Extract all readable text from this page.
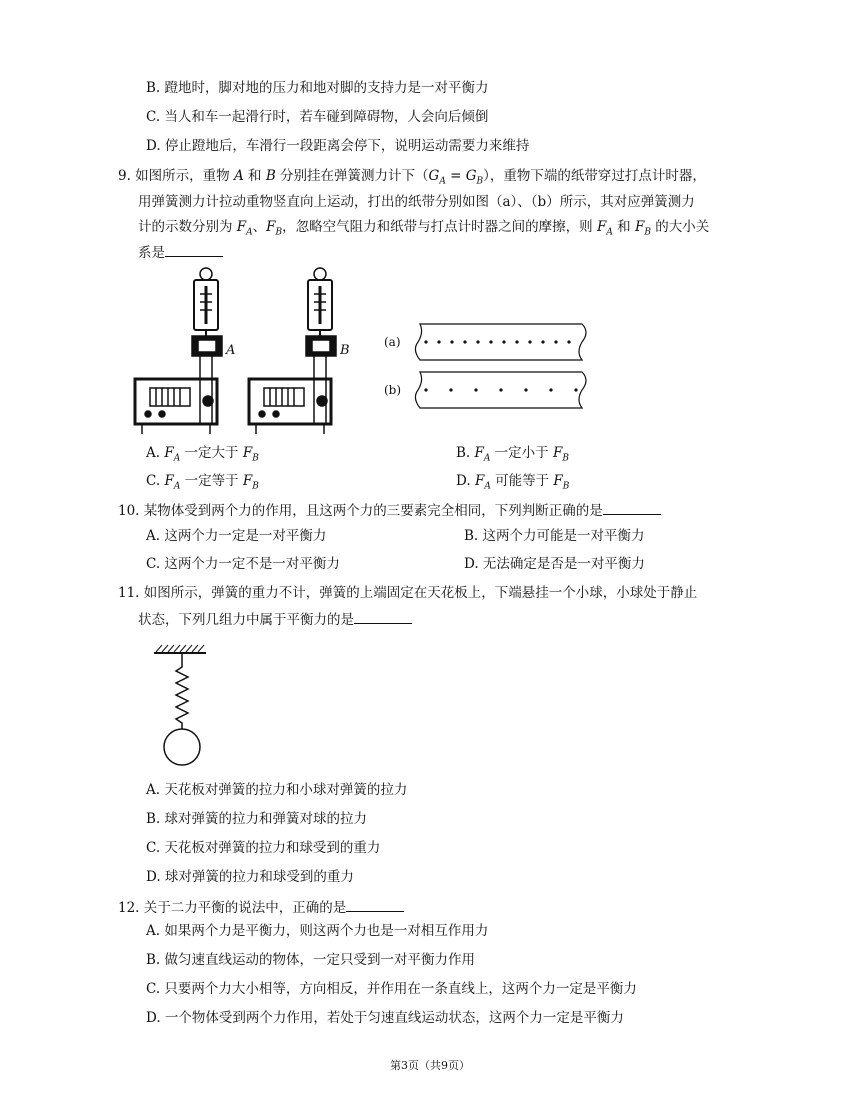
B. 蹬地时，脚对地的压力和地对脚的支持力是一对平衡力
C. 当人和车一起滑行时，若车碰到障碍物，人会向后倾倒
D. 停止蹬地后，车滑行一段距离会停下，说明运动需要力来维持
9. 如图所示，重物 A 和 B 分别挂在弹簧测力计下$(G_A = G_B)$，重物下端的纸带穿过打点计时器，
用弹簧测力计拉动重物竖直向上运动，打出的纸带分别如图（a）、（b）所示，其对应弹簧测力
计的示数分别为 $F_A$、$F_B$，忽略空气阻力和纸带与打点计时器之间的摩擦，则 $F_A$ 和 $F_B$ 的大小关
系是
A	B
(a)
(b)
A. $F_A$ 一定大于 $F_B$	B. $F_A$ 一定小于 $F_B$
C. $F_A$ 一定等于 $F_B$	D. $F_A$ 可能等于 $F_B$
10. 某物体受到两个力的作用，且这两个力的三要素完全相同，下列判断正确的是
A. 这两个力一定是一对平衡力	B. 这两个力可能是一对平衡力
C. 这两个力一定不是一对平衡力	D. 无法确定是否是一对平衡力
11. 如图所示，弹簧的重力不计，弹簧的上端固定在天花板上，下端悬挂一个小球，小球处于静止
状态，下列几组力中属于平衡力的是
A. 天花板对弹簧的拉力和小球对弹簧的拉力
B. 球对弹簧的拉力和弹簧对球的拉力
C. 天花板对弹簧的拉力和球受到的重力
D. 球对弹簧的拉力和球受到的重力
12. 关于二力平衡的说法中，正确的是
A. 如果两个力是平衡力，则这两个力也是一对相互作用力
B. 做匀速直线运动的物体，一定只受到一对平衡力作用
C. 只要两个力大小相等，方向相反，并作用在一条直线上，这两个力一定是平衡力
D. 一个物体受到两个力作用，若处于匀速直线运动状态，这两个力一定是平衡力
第3页（共9页）
